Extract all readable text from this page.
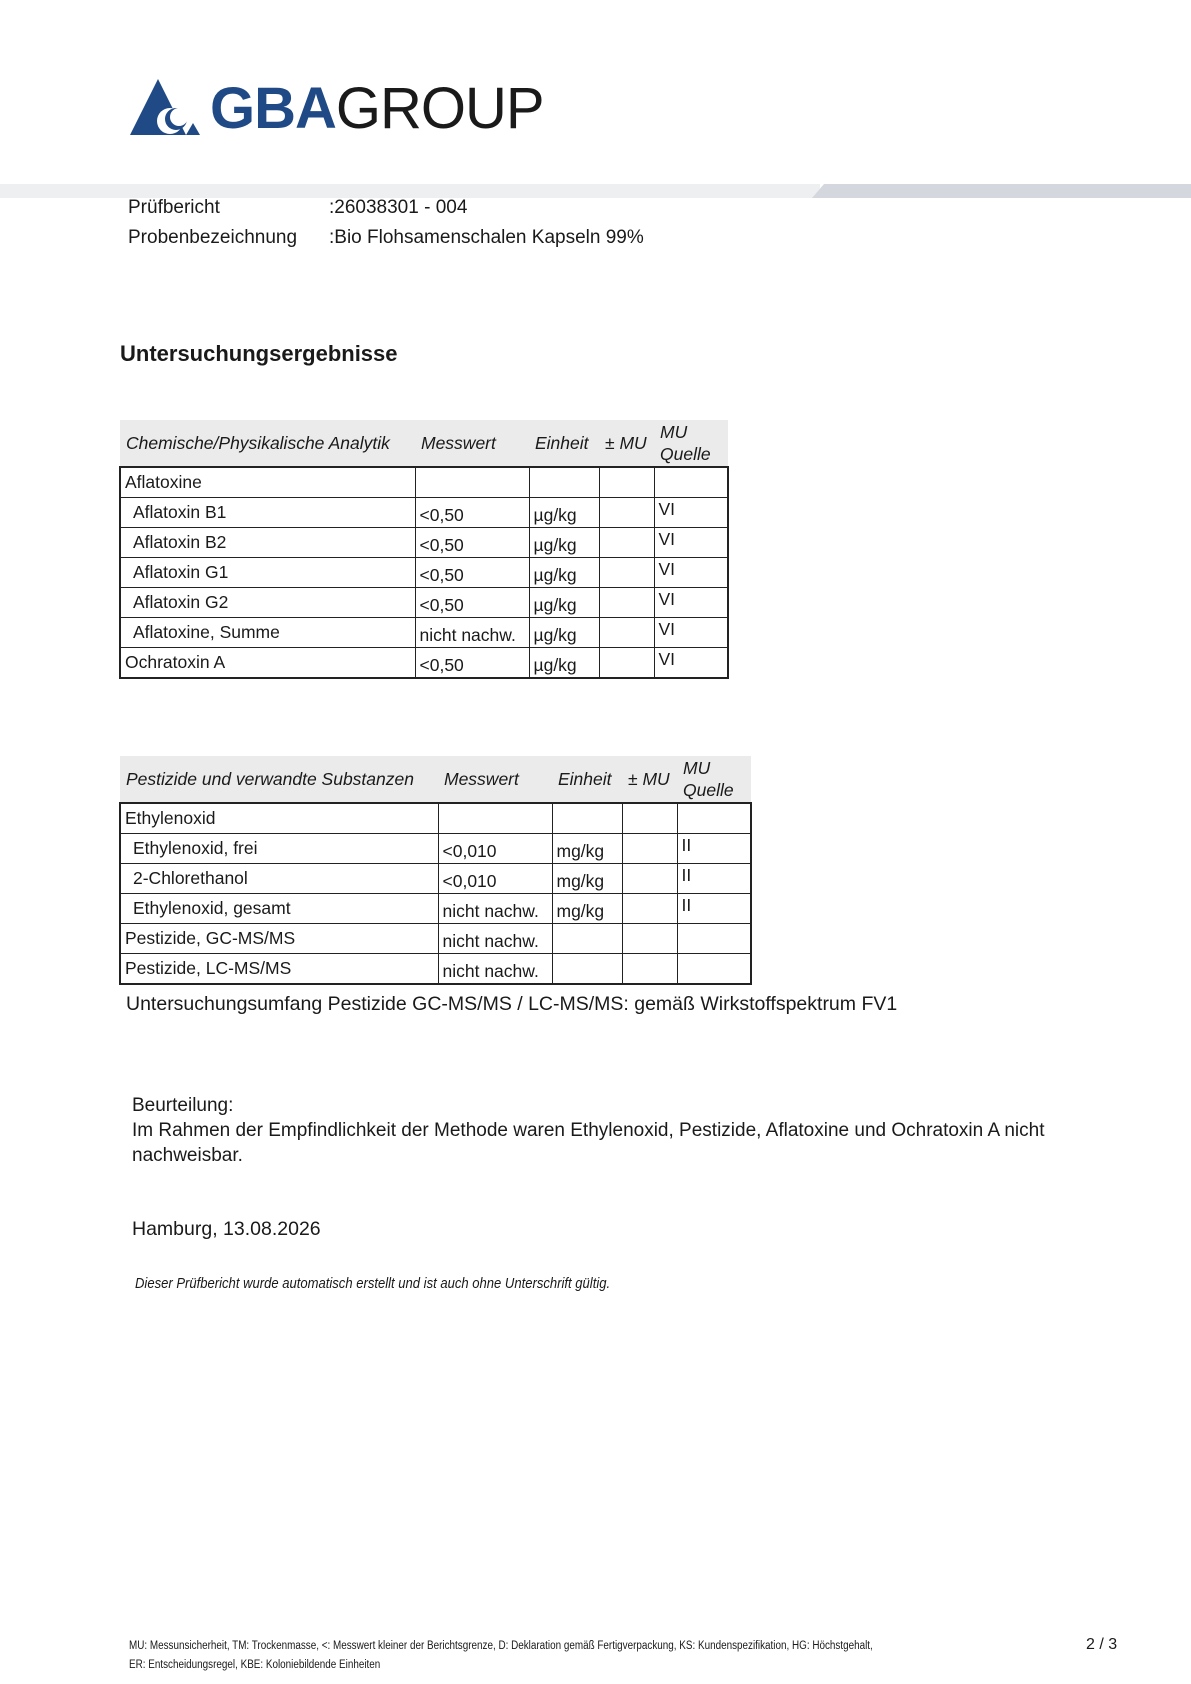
GBAGROUP
Prüfbericht	:26038301 - 004
Probenbezeichnung :Bio Flohsamenschalen Kapseln 99%
Untersuchungsergebnisse
Chemische/Physikalische Analytik	Messwert	Einheit	± MU	MU
Quelle
Aflatoxine				
Aflatoxin B1	<0,50	µg/kg		VI
Aflatoxin B2	<0,50	µg/kg		VI
Aflatoxin G1	<0,50	µg/kg		VI
Aflatoxin G2	<0,50	µg/kg		VI
Aflatoxine, Summe	nicht nachw.	µg/kg		VI
Ochratoxin A	<0,50	µg/kg		VI
Pestizide und verwandte Substanzen	Messwert	Einheit	± MU	MU
Quelle
Ethylenoxid				
Ethylenoxid, frei	<0,010	mg/kg		II
2-Chlorethanol	<0,010	mg/kg		II
Ethylenoxid, gesamt	nicht nachw.	mg/kg		II
Pestizide, GC-MS/MS	nicht nachw.			
Pestizide, LC-MS/MS	nicht nachw.			
Untersuchungsumfang Pestizide GC-MS/MS / LC-MS/MS: gemäß Wirkstoffspektrum FV1
Beurteilung:
Im Rahmen der Empfindlichkeit der Methode waren Ethylenoxid, Pestizide, Aflatoxine und Ochratoxin A nicht nachweisbar.
Hamburg, 13.08.2026
Dieser Prüfbericht wurde automatisch erstellt und ist auch ohne Unterschrift gültig.
MU: Messunsicherheit, TM: Trockenmasse, <: Messwert kleiner der Berichtsgrenze, D: Deklaration gemäß Fertigverpackung, KS: Kundenspezifikation, HG: Höchstgehalt,
ER: Entscheidungsregel, KBE: Koloniebildende Einheiten
2 / 3
